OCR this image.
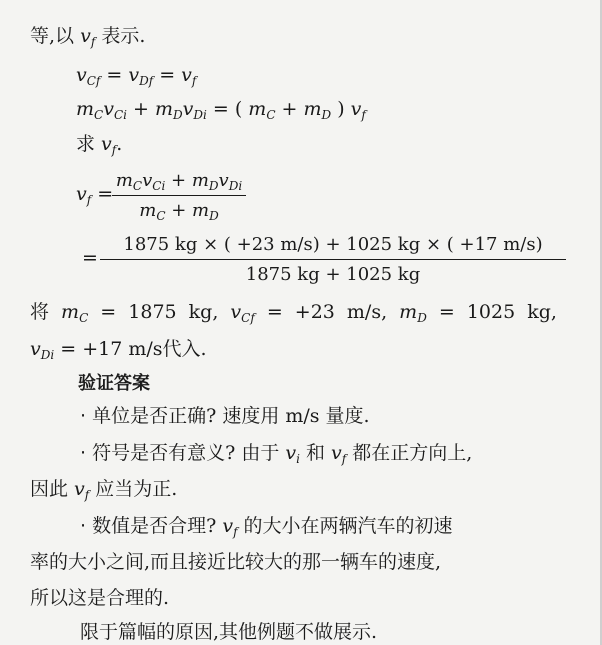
等,以 $v_f$ 表示.
$v_{Cf} = v_{Df} = v_f$
$m_Cv_{Ci} + m_Dv_{Di}$ = ( $m_C + m_D$ ) $v_f$
求 $v_f$.
$v_f$ =
$m_Cv_{Ci} + m_Dv_{Di}$
$m_C + m_D$
=
1875 kg × ( +23 m/s) + 1025 kg × ( +17 m/s)
1875 kg + 1025 kg
将 $m_C = 1875$ kg, $v_{Cf} = +23$ m/s, $m_D = 1025$ kg,
$v_{Di} = +17$ m/s代入.
验证答案
· 单位是否正确? 速度用 m/s 量度.
· 符号是否有意义? 由于 $v_i$ 和 $v_f$ 都在正方向上,
因此 $v_f$ 应当为正.
· 数值是否合理? $v_f$ 的大小在两辆汽车的初速
率的大小之间,而且接近比较大的那一辆车的速度,
所以这是合理的.
限于篇幅的原因,其他例题不做展示.
